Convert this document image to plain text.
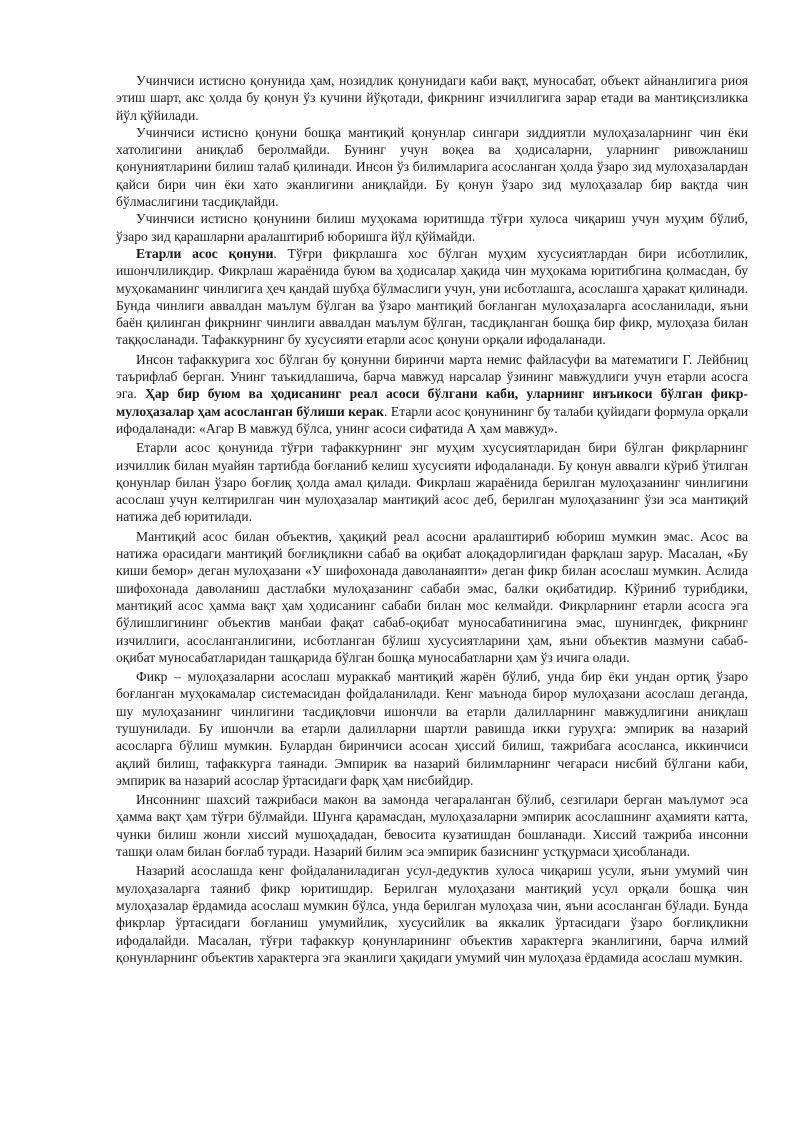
Учинчиси истисно қонунида ҳам, нозидлик қонунидаги каби вақт, муносабат, объект айнанлигига риоя этиш шарт, акс ҳолда бу қонун ўз кучини йўқотади, фикрнинг изчиллигига зарар етади ва мантиқсизликка йўл қўйилади.

Учинчиси истисно қонуни бошқа мантиқий қонунлар сингари зиддиятли мулоҳазаларнинг чин ёки хатолигини аниқлаб беролмайди. Бунинг учун воқеа ва ҳодисаларни, уларнинг ривожланиш қонуниятларини билиш талаб қилинади. Инсон ўз билимларига асосланган ҳолда ўзаро зид мулоҳазалардан қайси бири чин ёки хато эканлигини аниқлайди. Бу қонун ўзаро зид мулоҳазалар бир вақтда чин бўлмаслигини тасдиқлайди.

Учинчиси истисно қонунини билиш муҳокама юритишда тўғри хулоса чиқариш учун муҳим бўлиб, ўзаро зид қарашларни аралаштириб юборишга йўл қўймайди.

Етарли асос қонуни. Тўғри фикрлашга хос бўлган муҳим хусусиятлардан бири исботлилик, ишончлиликдир. Фикрлаш жараёнида буюм ва ҳодисалар ҳақида чин муҳокама юритибгина қолмасдан, бу муҳокаманинг чинлигига ҳеч қандай шубҳа бўлмаслиги учун, уни исботлашга, асослашга ҳаракат қилинади. Бунда чинлиги аввалдан маълум бўлган ва ўзаро мантиқий боғланган мулоҳазаларга асосланилади, яъни баён қилинган фикрнинг чинлиги аввалдан маълум бўлган, тасдиқланган бошқа бир фикр, мулоҳаза билан таққосланади. Тафаккурнинг бу хусусияти етарли асос қонуни орқали ифодаланади.

Инсон тафаккурига хос бўлган бу қонунни биринчи марта немис файласуфи ва математиги Г. Лейбниц таърифлаб берган. Унинг таъкидлашича, барча мавжуд нарсалар ўзининг мавжудлиги учун етарли асосга эга. Ҳар бир буюм ва ҳодисанинг реал асоси бўлгани каби, уларнинг инъикоси бўлган фикр-мулоҳазалар ҳам асосланган бўлиши керак. Етарли асос қонунининг бу талаби қуйидаги формула орқали ифодаланади: «Агар В мавжуд бўлса, унинг асоси сифатида А ҳам мавжуд».

Етарли асос қонунида тўғри тафаккурнинг энг муҳим хусусиятларидан бири бўлган фикрларнинг изчиллик билан муайян тартибда боғланиб келиш хусусияти ифодаланади. Бу қонун аввалги кўриб ўтилган қонунлар билан ўзаро боғлиқ ҳолда амал қилади. Фикрлаш жараёнида берилган мулоҳазанинг чинлигини асослаш учун келтирилган чин мулоҳазалар мантиқий асос деб, берилган мулоҳазанинг ўзи эса мантиқий натижа деб юритилади.

Мантиқий асос билан объектив, ҳақиқий реал асосни аралаштириб юбориш мумкин эмас. Асос ва натижа орасидаги мантиқий боғлиқликни сабаб ва оқибат алоқадорлигидан фарқлаш зарур. Масалан, «Бу киши бемор» деган мулоҳазани «У шифохонада даволанаяпти» деган фикр билан асослаш мумкин. Аслида шифохонада даволаниш дастлабки мулоҳазанинг сабаби эмас, балки оқибатидир. Кўриниб турибдики, мантиқий асос ҳамма вақт ҳам ҳодисанинг сабаби билан мос келмайди. Фикрларнинг етарли асосга эга бўлишлигининг объектив манбаи фақат сабаб-оқибат муносабатинигина эмас, шунингдек, фикрнинг изчиллиги, асосланганлигини, исботланган бўлиш хусусиятларини ҳам, яъни объектив мазмуни сабаб-оқибат муносабатларидан ташқарида бўлган бошқа муносабатларни ҳам ўз ичига олади.

Фикр – мулоҳазаларни асослаш мураккаб мантиқий жарён бўлиб, унда бир ёки ундан ортиқ ўзаро боғланган муҳокамалар системасидан фойдаланилади. Кенг маънода бирор мулоҳазани асослаш деганда, шу мулоҳазанинг чинлигини тасдиқловчи ишончли ва етарли далилларнинг мавжудлигини аниқлаш тушунилади. Бу ишончли ва етарли далилларни шартли равишда икки гуруҳга: эмпирик ва назарий асосларга бўлиш мумкин. Булардан биринчиси асосан ҳиссий билиш, тажрибага асосланса, иккинчиси ақлий билиш, тафаккурга таянади. Эмпирик ва назарий билимларнинг чегараси нисбий бўлгани каби, эмпирик ва назарий асослар ўртасидаги фарқ ҳам нисбийдир.

Инсоннинг шахсий тажрибаси макон ва замонда чегараланган бўлиб, сезгилари берган маълумот эса ҳамма вақт ҳам тўғри бўлмайди. Шунга қарамасдан, мулоҳазаларни эмпирик асослашнинг аҳамияти катта, чунки билиш жонли хиссий мушоҳададан, бевосита кузатишдан бошланади. Хиссий тажриба инсонни ташқи олам билан боғлаб туради. Назарий билим эса эмпирик базиснинг устқурмаси ҳисобланади.

Назарий асослашда кенг фойдаланиладиган усул-дедуктив хулоса чиқариш усули, яъни умумий чин мулоҳазаларга таяниб фикр юритишдир. Берилган мулоҳазани мантиқий усул орқали бошқа чин мулоҳазалар ёрдамида асослаш мумкин бўлса, унда берилган мулоҳаза чин, яъни асосланган бўлади. Бунда фикрлар ўртасидаги боғланиш умумийлик, хусусийлик ва яккалик ўртасидаги ўзаро боғлиқликни ифодалайди. Масалан, тўғри тафаккур қонунларининг объектив характерга эканлигини, барча илмий қонунларнинг объектив характерга эга эканлиги ҳақидаги умумий чин мулоҳаза ёрдамида асослаш мумкин.
